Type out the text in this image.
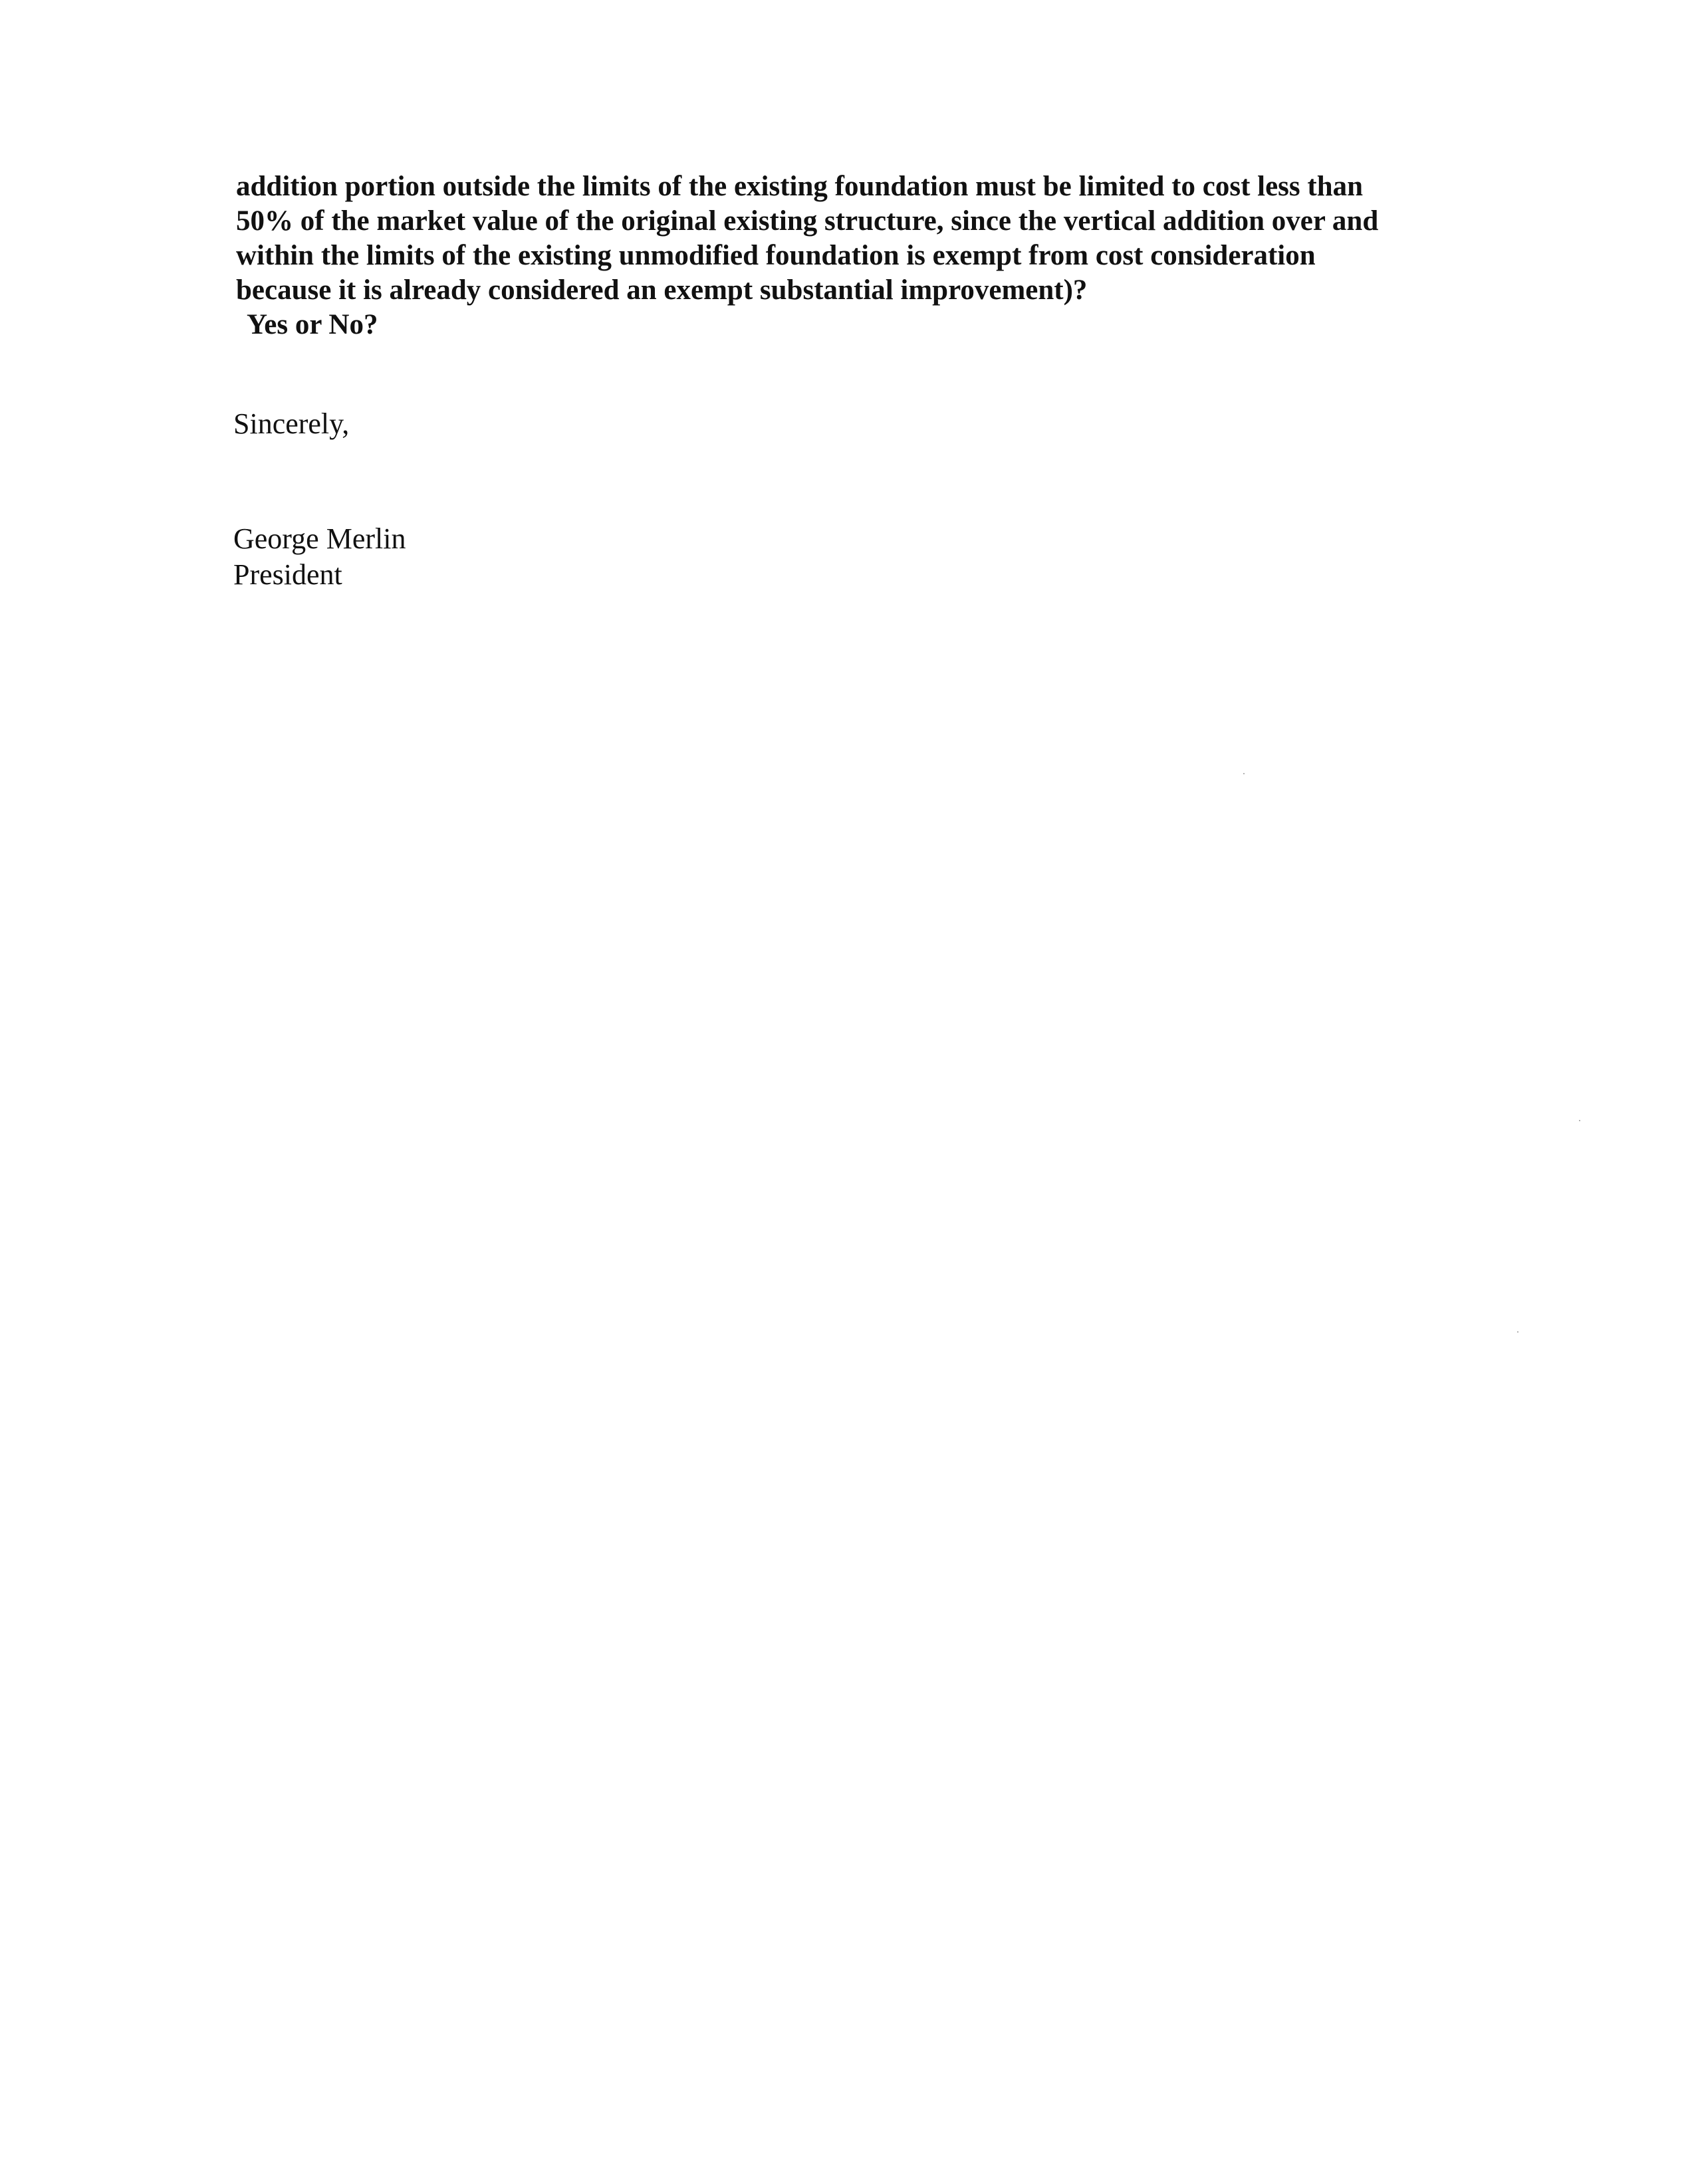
addition portion outside the limits of the existing foundation must be limited to cost less than
50% of the market value of the original existing structure, since the vertical addition over and
within the limits of the existing unmodified foundation is exempt from cost consideration
because it is already considered an exempt substantial improvement)?
Yes or No?
Sincerely,
George Merlin
President
